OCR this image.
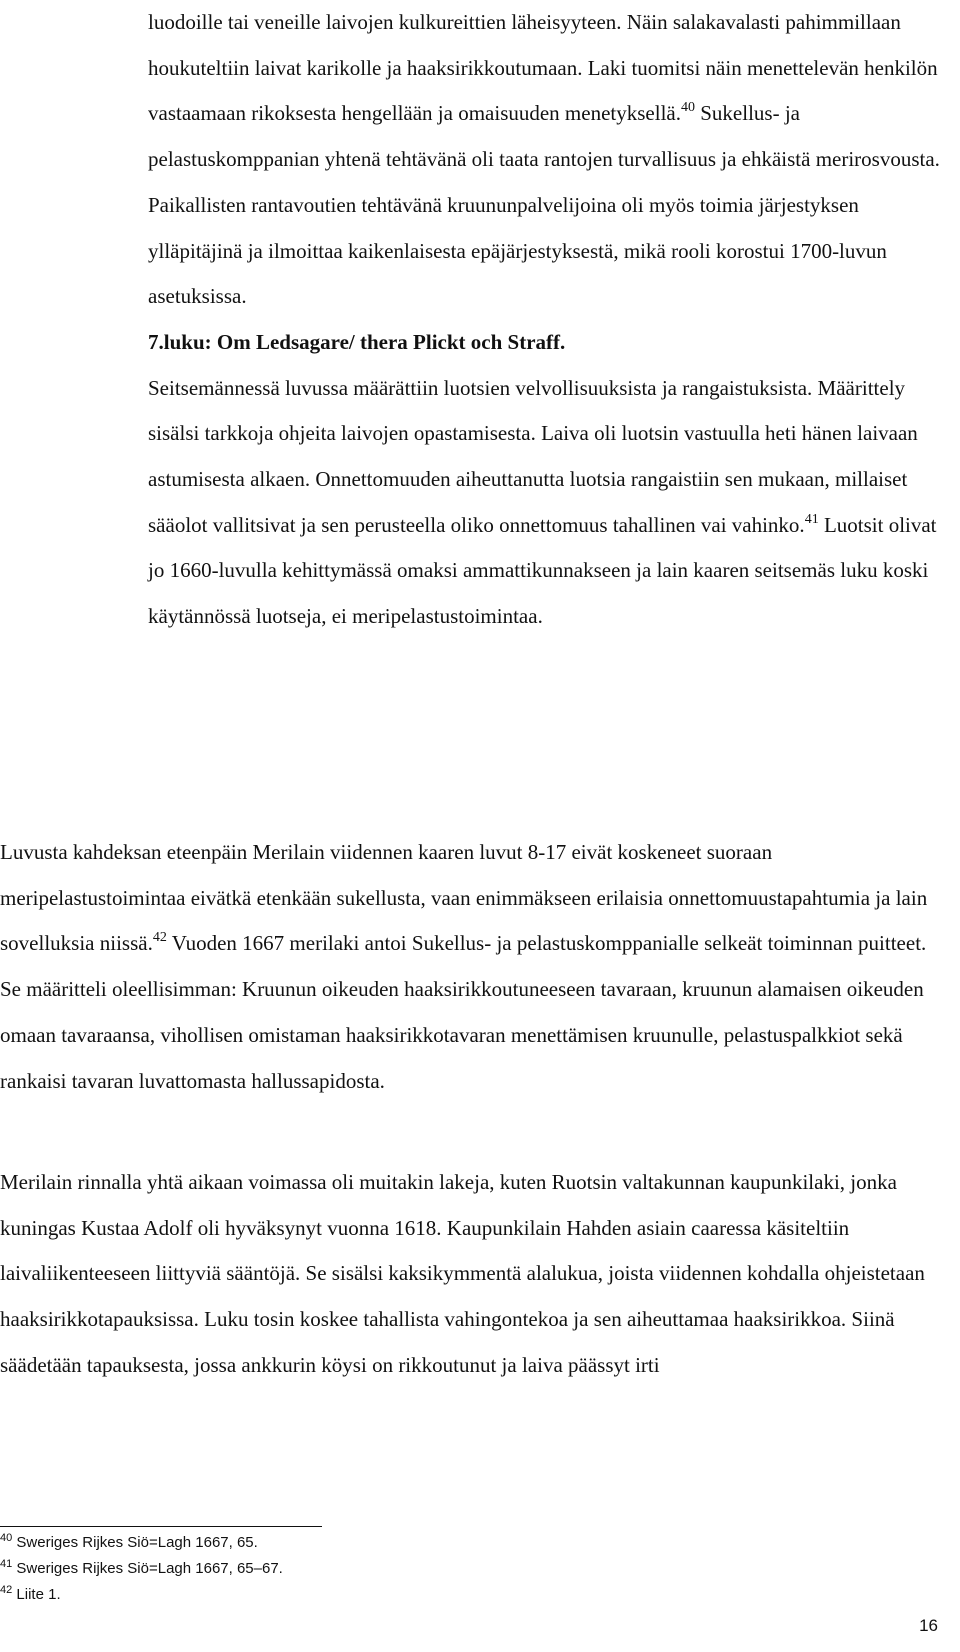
luodoille tai veneille laivojen kulkureittien läheisyyteen. Näin salakavalasti pahimmillaan houkuteltiin laivat karikolle ja haaksirikkoutumaan. Laki tuomitsi näin menettelevän henkilön vastaamaan rikoksesta hengellään ja omaisuuden menetyksellä.$^{40}$ Sukellus- ja pelastuskomppanian yhtenä tehtävänä oli taata rantojen turvallisuus ja ehkäistä merirosvousta. Paikallisten rantavoutien tehtävänä kruununpalvelijoina oli myös toimia järjestyksen ylläpitäjinä ja ilmoittaa kaikenlaisesta epäjärjestyksestä, mikä rooli korostui 1700-luvun asetuksissa.

7.luku: Om Ledsagare/ thera Plickt och Straff.

Seitsemännessä luvussa määrättiin luotsien velvollisuuksista ja rangaistuksista. Määrittely sisälsi tarkkoja ohjeita laivojen opastamisesta. Laiva oli luotsin vastuulla heti hänen laivaan astumisesta alkaen. Onnettomuuden aiheuttanutta luotsia rangaistiin sen mukaan, millaiset sääolot vallitsivat ja sen perusteella oliko onnettomuus tahallinen vai vahinko.$^{41}$ Luotsit olivat jo 1660-luvulla kehittymässä omaksi ammattikunnakseen ja lain kaaren seitsemäs luku koski käytännössä luotseja, ei meripelastustoimintaa.

Luvusta kahdeksan eteenpäin Merilain viidennen kaaren luvut 8-17 eivät koskeneet suoraan meripelastustoimintaa eivätkä etenkään sukellusta, vaan enimmäkseen erilaisia onnettomuustapahtumia ja lain sovelluksia niissä.$^{42}$ Vuoden 1667 merilaki antoi Sukellus- ja pelastuskomppanialle selkeät toiminnan puitteet. Se määritteli oleellisimman: Kruunun oikeuden haaksirikkoutuneeseen tavaraan, kruunun alamaisen oikeuden omaan tavaraansa, vihollisen omistaman haaksirikkotavaran menettämisen kruunulle, pelastuspalkkiot sekä rankaisi tavaran luvattomasta hallussapidosta.

Merilain rinnalla yhtä aikaan voimassa oli muitakin lakeja, kuten Ruotsin valtakunnan kaupunkilaki, jonka kuningas Kustaa Adolf oli hyväksynyt vuonna 1618. Kaupunkilain Hahden asiain caaressa käsiteltiin laivaliikenteeseen liittyviä sääntöjä. Se sisälsi kaksikymmentä alalukua, joista viidennen kohdalla ohjeistetaan haaksirikkotapauksissa. Luku tosin koskee tahallista vahingontekoa ja sen aiheuttamaa haaksirikkoa. Siinä säädetään tapauksesta, jossa ankkurin köysi on rikkoutunut ja laiva päässyt irti

$^{40}$ Sweriges Rijkes Siö=Lagh 1667, 65.
$^{41}$ Sweriges Rijkes Siö=Lagh 1667, 65–67.
$^{42}$ Liite 1.
16
